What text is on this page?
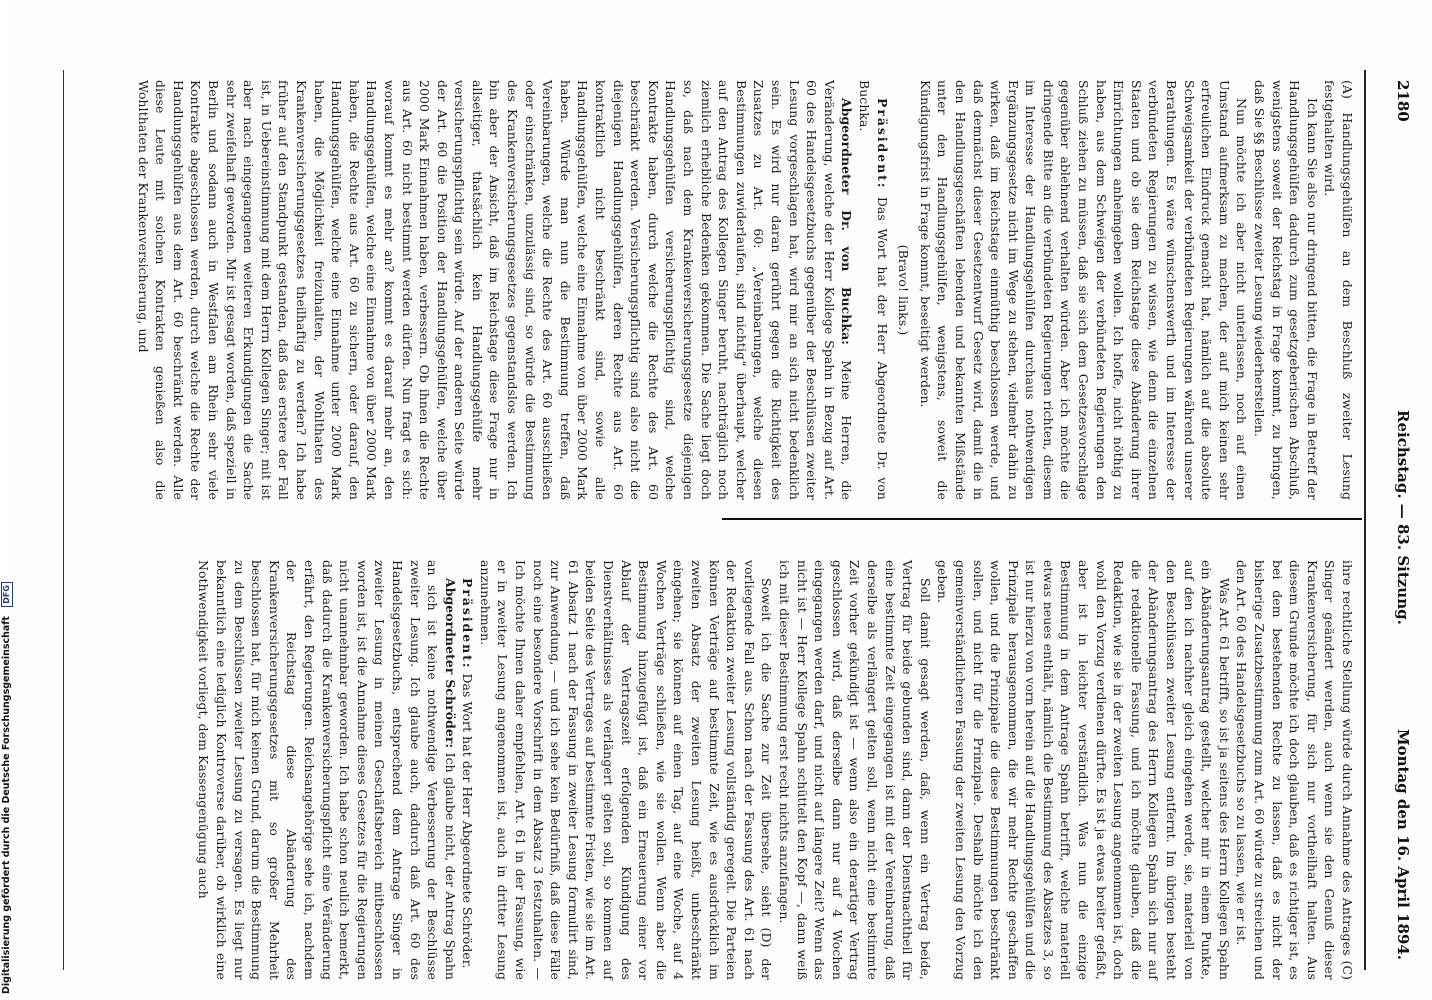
2180
Reichstag. — 83. Sitzung.
Montag den 16. April 1894.

(A) Handlungsgehülfen an dem Beschluß zweiter Lesung festgehalten wird.

Ich kann Sie also nur dringend bitten, die Frage in Betreff der Handlungsgehülfen dadurch zum gesetzgeberischen Abschluß, wenigstens soweit der Reichstag in Frage kommt, zu bringen, daß Sie §§ Beschlüsse zweiter Lesung wiederherstellen.

Nun möchte ich aber nicht unterlassen, noch auf einen Umstand aufmerksam zu machen, der auf mich keinen sehr erfreulichen Eindruck gemacht hat, nämlich auf die absolute Schweigsamkeit der verbündeten Regierungen während unserer Berathungen. Es wäre wünschenswerth und im Interesse der verbündeten Regierungen zu wissen, wie denn die einzelnen Staaten und ob sie dem Reichstage diese Abänderung ihrer Einrichtungen anheimgeben wollen. Ich hoffe, nicht nöthig zu haben, aus dem Schweigen der verbündeten Regierungen den Schluß ziehen zu müssen, daß sie sich dem Gesetzesvorschlage gegenüber ablehnend verhalten würden. Aber ich möchte die dringende Bitte an die verbündeten Regierungen richten, diesem im Interesse der Handlungsgehülfen durchaus nothwendigen Ergänzungsgesetze nicht im Wege zu stehen, vielmehr dahin zu wirken, daß im Reichstage einmüthig beschlossen werde, und daß demnächst dieser Gesetzentwurf Gesetz wird, damit die in den Handlungsgeschäften lebenden und bekannten Mißstände unter den Handlungsgehülfen, wenigstens, soweit die Kündigungsfrist in Frage kommt, beseitigt werden.

(Bravo! links.)

Präsident: Das Wort hat der Herr Abgeordnete Dr. von Buchka.

Abgeordneter Dr. von Buchka: Meine Herren, die Veränderung, welche der Herr Kollege Spahn in Bezug auf Art. 60 des Handelsgesetzbuchs gegenüber der Beschlüssen zweiter Lesung vorgeschlagen hat, wird mir an sich nicht bedenklich sein. Es wird nur daran gerührt gegen die Richtigkeit des Zusatzes zu Art. 60: „Vereinbarungen, welche diesen Bestimmungen zuwiderlaufen, sind nichtig“ überhaupt, welcher auf den Antrag des Kollegen Singer beruht, nachträglich noch ziemlich erhebliche Bedenken gekommen. Die Sache liegt doch so, daß nach dem Krankenversicherungsgesetze diejenigen Handlungsgehülfen versicherungspflichtig sind, welche Kontrakte haben, durch welche die Rechte des Art. 60 beschränkt werden. Versicherungspflichtig sind also nicht die diejenigen Handlungsgehülfen, deren Rechte aus Art. 60 kontraktlich nicht beschränkt sind, sowie alle Handlungsgehülfen, welche eine Einnahme von über 2000 Mark haben. Würde man nun die Bestimmung treffen, daß Vereinbarungen, welche die Rechte des Art. 60 ausschließen oder einschränken, unzulässig sind, so würde die Bestimmung des Krankenversicherungsgesetzes gegenstandslos werden. Ich bin aber der Ansicht, daß im Reichstage diese Frage nur in allseitiger, thatsächlich kein Handlungsgehülfe mehr versicherungspflichtig sein würde. Auf der anderen Seite würde der Art. 60 die Position der Handlungsgehülfen, welche über 2000 Mark Einnahmen haben, verbessern. Ob ihnen die Rechte aus Art. 60 nicht bestimmt werden dürfen. Nun fragt es sich: worauf kommt es mehr an? kommt es darauf mehr an, den Handlungsgehülfen, welche eine Einnahme von über 2000 Mark haben, die Rechte aus Art. 60 zu sichern, oder darauf, den Handlungsgehülfen, welche eine Einnahme unter 2000 Mark haben, die Möglichkeit freizuhalten, der Wohlthaten des Krankenversicherungsgesetzes theilhaftig zu werden? Ich habe früher auf den Standpunkt gestanden, daß das erstere der Fall ist, in Uebereinstimmung mit dem Herrn Kollegen Singer; mit ist aber nach eingegangenen weiteren Erkundigungen die Sache sehr zweifelhaft geworden. Mir ist gesagt worden, daß speziell in Berlin und sodann auch in Westfalen am Rhein sehr viele Kontrakte abgeschlossen werden, durch welche die Rechte der Handlungsgehülfen aus dem Art. 60 beschränkt werden. Alle diese Leute mit solchen Kontrakten genießen also die Wohlthaten der Krankenversicherung, und

ihre rechtliche Stellung würde durch Annahme des Antrages (C) Singer geändert werden, auch wenn sie den Genuß dieser Krankenversicherung, für sich nur vortheilhaft halten. Aus diesem Grunde möchte ich doch glauben, daß es richtiger ist, es bei dem bestehenden Rechte zu lassen, daß es nicht der bisherige Zusatzbestimmung zum Art. 60 würde zu streichen und den Art. 60 des Handelsgesetzbuchs so zu lassen, wie er ist.

Was Art. 61 betrifft, so ist ja seitens des Herrn Kollegen Spahn ein Abänderungsantrag gestellt, welcher mir in einem Punkte, auf den ich nachher gleich eingehen werde, sie, materiell von den Beschlüssen zweiter Lesung entfernt. Im übrigen besteht der Abänderungsantrag des Herrn Kollegen Spahn sich nur auf die redaktionelle Fassung, und ich möchte glauben, daß die Redaktion, wie sie in der zweiten Lesung angenommen ist, doch wohl den Vorzug verdienen dürfte. Es ist ja etwas breiter gefaßt, aber ist in leichter verständlich. Was nun die einzige Bestimmung in dem Antrage Spahn betrifft, welche materiell etwas neues enthält, nämlich die Bestimmung des Absatzes 3, so ist nur hierzu von vorn herein auf die Handlungsgehülfen und die Prinzipale herausgenommen, die wir mehr Rechte geschaffen wollen, und die Prinzipale die diese Bestimmungen beschränkt sollen, und nicht für die Prinzipale. Deshalb möchte ich den gemeinverständlicheren Fassung der zweiten Lesung den Vorzug geben.

Soll damit gesagt werden, daß, wenn ein Vertrag beide, Vertrag für beide gebunden sind, dann der Dienstnachtheil für eine bestimmte Zeit eingegangen ist mit der Vereinbarung, daß derselbe als verlängert gelten soll, wenn nicht eine bestimmte Zeit vorher gekündigt ist — wenn also ein derartiger Vertrag geschlossen wird, daß derselbe dann nur auf 4 Wochen eingegangen werden darf, und nicht auf längere Zeit? Wenn das nicht ist — Herr Kollege Spahn schüttelt den Kopf —, dann weiß ich mit dieser Bestimmung erst recht nichts anzufangen.

Soweit ich die Sache zur Zeit übersehe, sieht (D) der vorliegende Fall aus. Schon nach der Fassung des Art. 61 nach der Redaktion zweiter Lesung vollständig geregelt. Die Parteien können Verträge auf bestimmte Zeit, wie es ausdrücklich im zweiten Absatz der zweiten Lesung heißt, unbeschränkt eingehen; sie können auf einen Tag, auf eine Woche, auf 4 Wochen Verträge schließen, wie sie wollen. Wenn aber die Bestimmung hinzugefügt ist, daß ein Erneuerung einer vor Ablauf der Vertragszeit erfolgenden Kündigung des Dienstverhältnisses als verlängert gelten soll, so kommen auf beiden Seite des Vertrages auf bestimmte Fristen, wie sie im Art. 61 Absatz 1 nach der Fassung in zweiter Lesung formulirt sind, zur Anwendung, — und ich sehe kein Bedürfniß, daß diese Fälle noch eine besondere Vorschrift in dem Absatz 3 festzuhalten. — Ich möchte Ihnen daher empfehlen, Art. 61 in der Fassung, wie er in zweiter Lesung angenommen ist, auch in dritter Lesung anzunehmen.

Präsident: Das Wort hat der Herr Abgeordnete Schröder.

Abgeordneter Schröder: Ich glaube nicht, der Antrag Spahn an sich ist keine nothwendige Verbesserung der Beschlüsse zweiter Lesung. Ich glaube auch, dadurch daß Art. 60 des Handelsgesetzbuchs, entsprechend dem Antrage Singer in zweiter Lesung in meinen Geschäftsbereich mitbeschlossen worden ist, ist die Annahme dieses Gesetzes für die Regierungen nicht unannehmbar geworden. Ich habe schon neulich bemerkt, daß dadurch die Krankenversicherungspflicht eine Veränderung erfährt, den Regierungen. Reichsangehörige sehe ich, nachdem der Reichstag diese Abänderung des Krankenversicherungsgesetzes mit so großer Mehrheit beschlossen hat, für mich keinen Grund, darum die Bestimmung zu dem Beschlüssen zweiter Lesung zu versagen. Es liegt nur bekanntlich eine lediglich Kontroverse darüber, ob wirklich eine Nothwendigkeit vorliegt, dem Kassengenügung auch

Digitalisierung gefördert durch die Deutsche Forschungsgemeinschaft DFG
